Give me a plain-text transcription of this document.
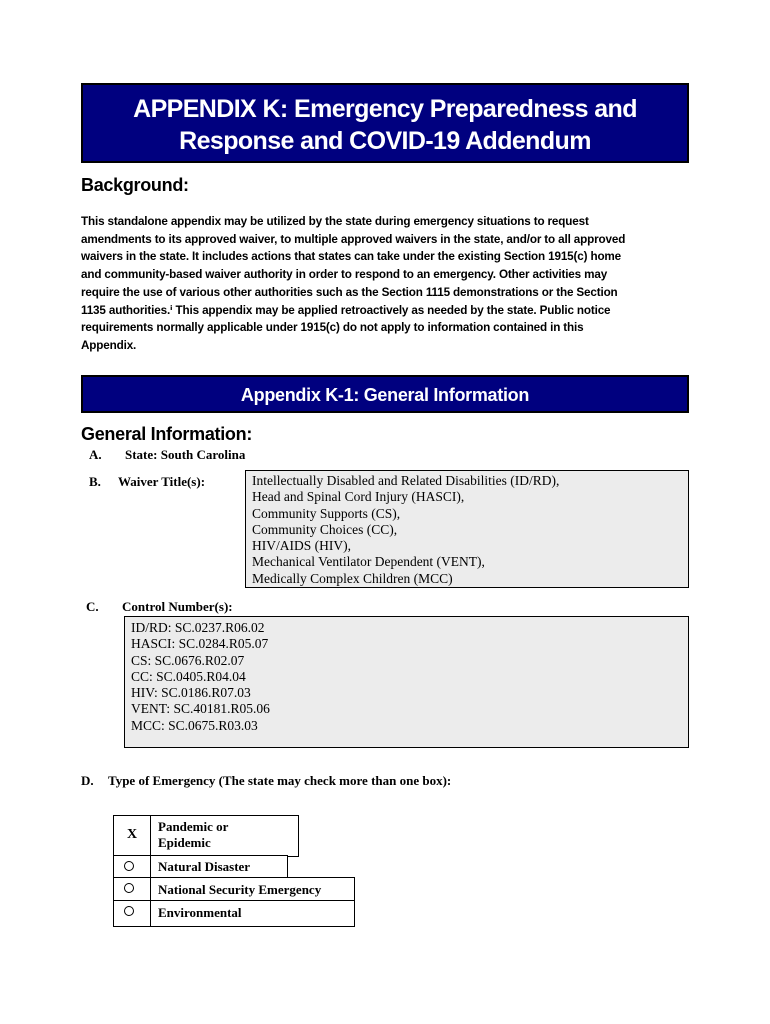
APPENDIX K: Emergency Preparedness and
Response and COVID-19 Addendum
Background:

This standalone appendix may be utilized by the state during emergency situations to request
amendments to its approved waiver, to multiple approved waivers in the state, and/or to all approved
waivers in the state. It includes actions that states can take under the existing Section 1915(c) home
and community-based waiver authority in order to respond to an emergency. Other activities may
require the use of various other authorities such as the Section 1115 demonstrations or the Section
1135 authorities.ⁱ This appendix may be applied retroactively as needed by the state. Public notice
requirements normally applicable under 1915(c) do not apply to information contained in this
Appendix.

Appendix K-1: General Information
General Information:
A. State: South Carolina
B. Waiver Title(s):	Intellectually Disabled and Related Disabilities (ID/RD),
Head and Spinal Cord Injury (HASCI),
Community Supports (CS),
Community Choices (CC),
HIV/AIDS (HIV),
Mechanical Ventilator Dependent (VENT),
Medically Complex Children (MCC)
C. Control Number(s):
ID/RD: SC.0237.R06.02
HASCI: SC.0284.R05.07
CS: SC.0676.R02.07
CC: SC.0405.R04.04
HIV: SC.0186.R07.03
VENT: SC.40181.R05.06
MCC: SC.0675.R03.03
D. Type of Emergency (The state may check more than one box):
X
Pandemic or
Epidemic
Natural Disaster
National Security Emergency
Environmental
